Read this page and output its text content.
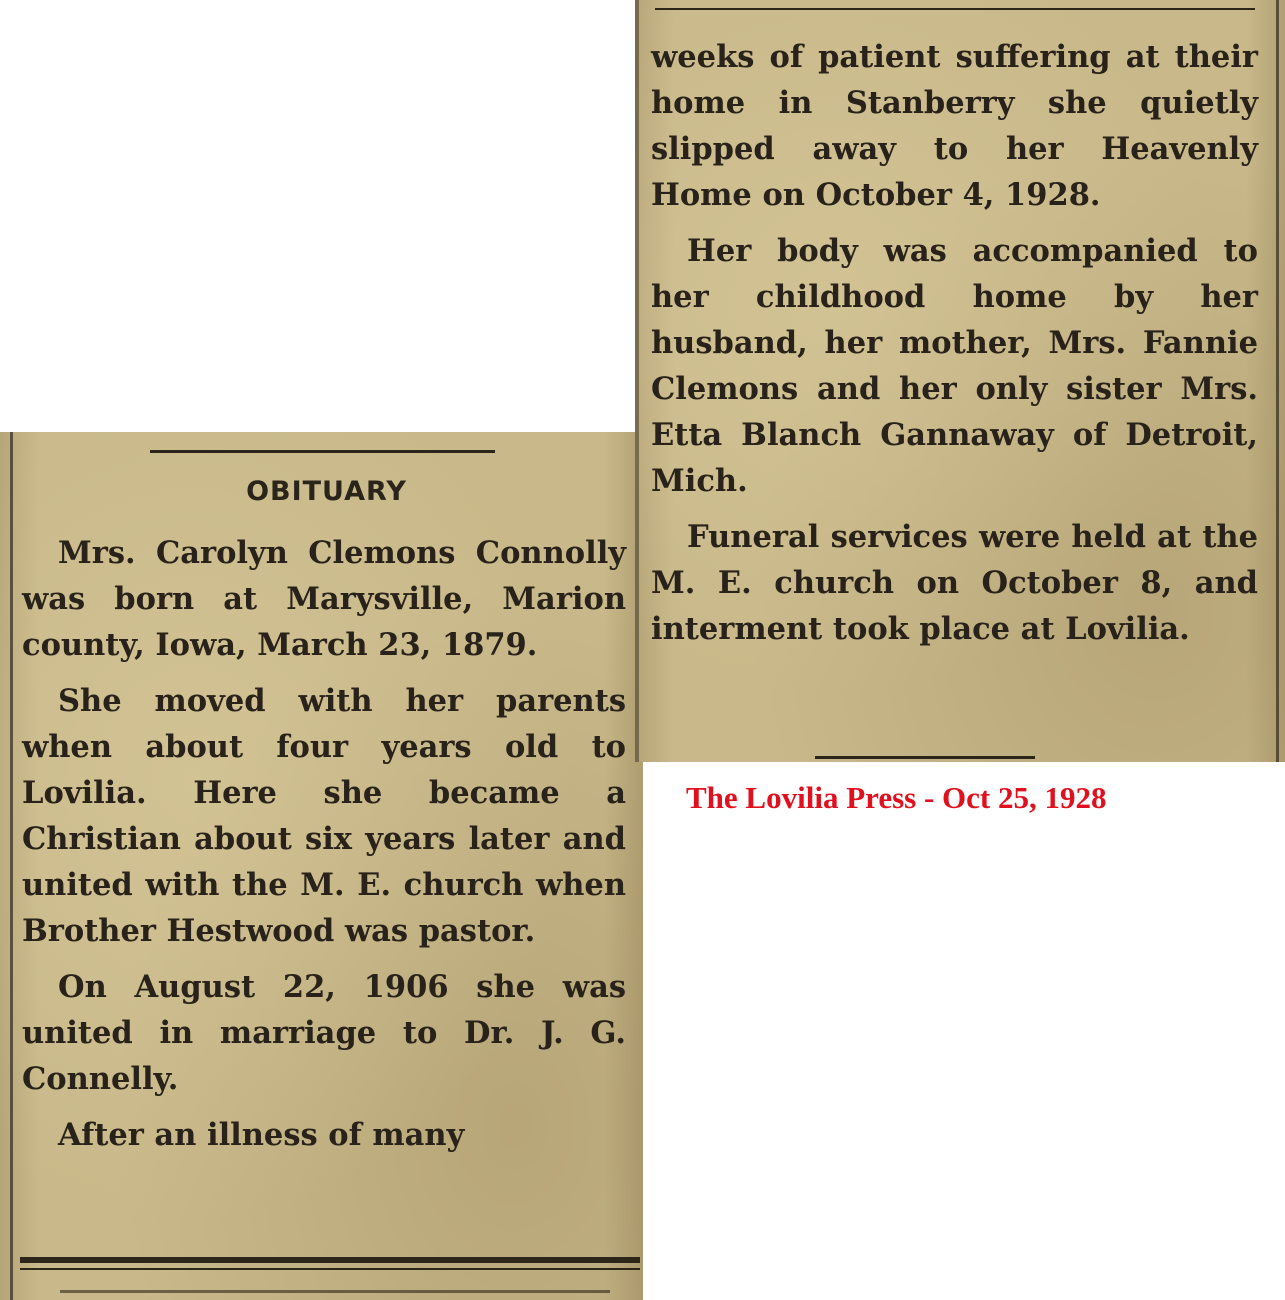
OBITUARY

Mrs. Carolyn Clemons Connolly was born at Marysville, Marion county, Iowa, March 23, 1879.

She moved with her parents when about four years old to Lovilia. Here she became a Christian about six years later and united with the M. E. church when Brother Hestwood was pastor.

On August 22, 1906 she was united in marriage to Dr. J. G. Connelly.

After an illness of many

weeks of patient suffering at their home in Stanberry she quietly slipped away to her Heavenly Home on October 4, 1928.

Her body was accompanied to her childhood home by her husband, her mother, Mrs. Fannie Clemons and her only sister Mrs. Etta Blanch Gannaway of Detroit, Mich.

Funeral services were held at the M. E. church on October 8, and interment took place at Lovilia.

The Lovilia Press - Oct 25, 1928
